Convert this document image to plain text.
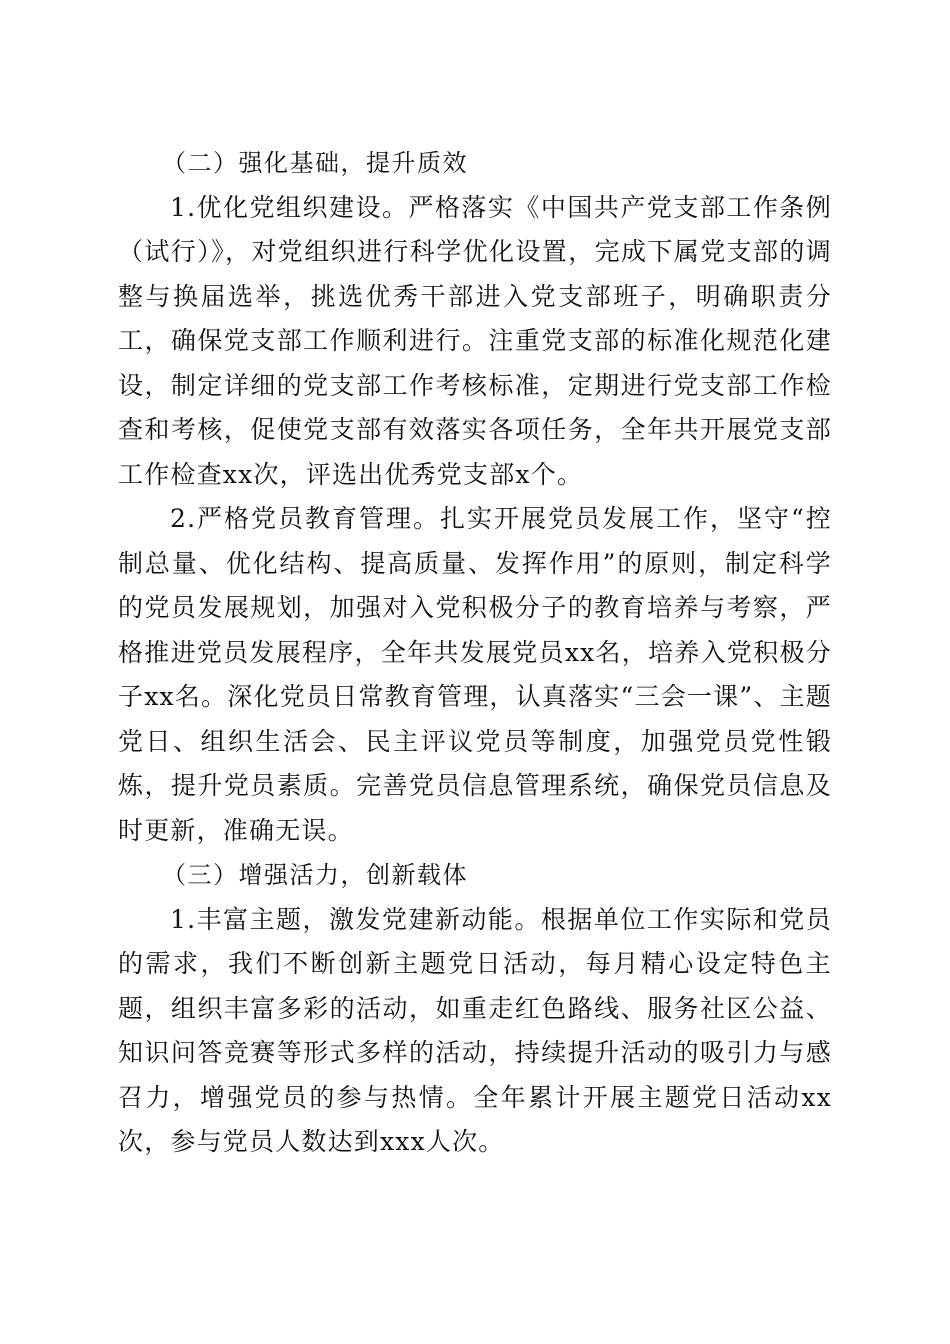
（二）强化基础，提升质效

1.优化党组织建设。严格落实《中国共产党支部工作条例（试行）》，对党组织进行科学优化设置，完成下属党支部的调整与换届选举，挑选优秀干部进入党支部班子，明确职责分工，确保党支部工作顺利进行。注重党支部的标准化规范化建设，制定详细的党支部工作考核标准，定期进行党支部工作检查和考核，促使党支部有效落实各项任务，全年共开展党支部工作检查xx次，评选出优秀党支部x个。

2.严格党员教育管理。扎实开展党员发展工作，坚守“控制总量、优化结构、提高质量、发挥作用”的原则，制定科学的党员发展规划，加强对入党积极分子的教育培养与考察，严格推进党员发展程序，全年共发展党员xx名，培养入党积极分子xx名。深化党员日常教育管理，认真落实“三会一课”、主题党日、组织生活会、民主评议党员等制度，加强党员党性锻炼，提升党员素质。完善党员信息管理系统，确保党员信息及时更新，准确无误。

（三）增强活力，创新载体

1.丰富主题，激发党建新动能。根据单位工作实际和党员的需求，我们不断创新主题党日活动，每月精心设定特色主题，组织丰富多彩的活动，如重走红色路线、服务社区公益、知识问答竞赛等形式多样的活动，持续提升活动的吸引力与感召力，增强党员的参与热情。全年累计开展主题党日活动xx次，参与党员人数达到xxx人次。
